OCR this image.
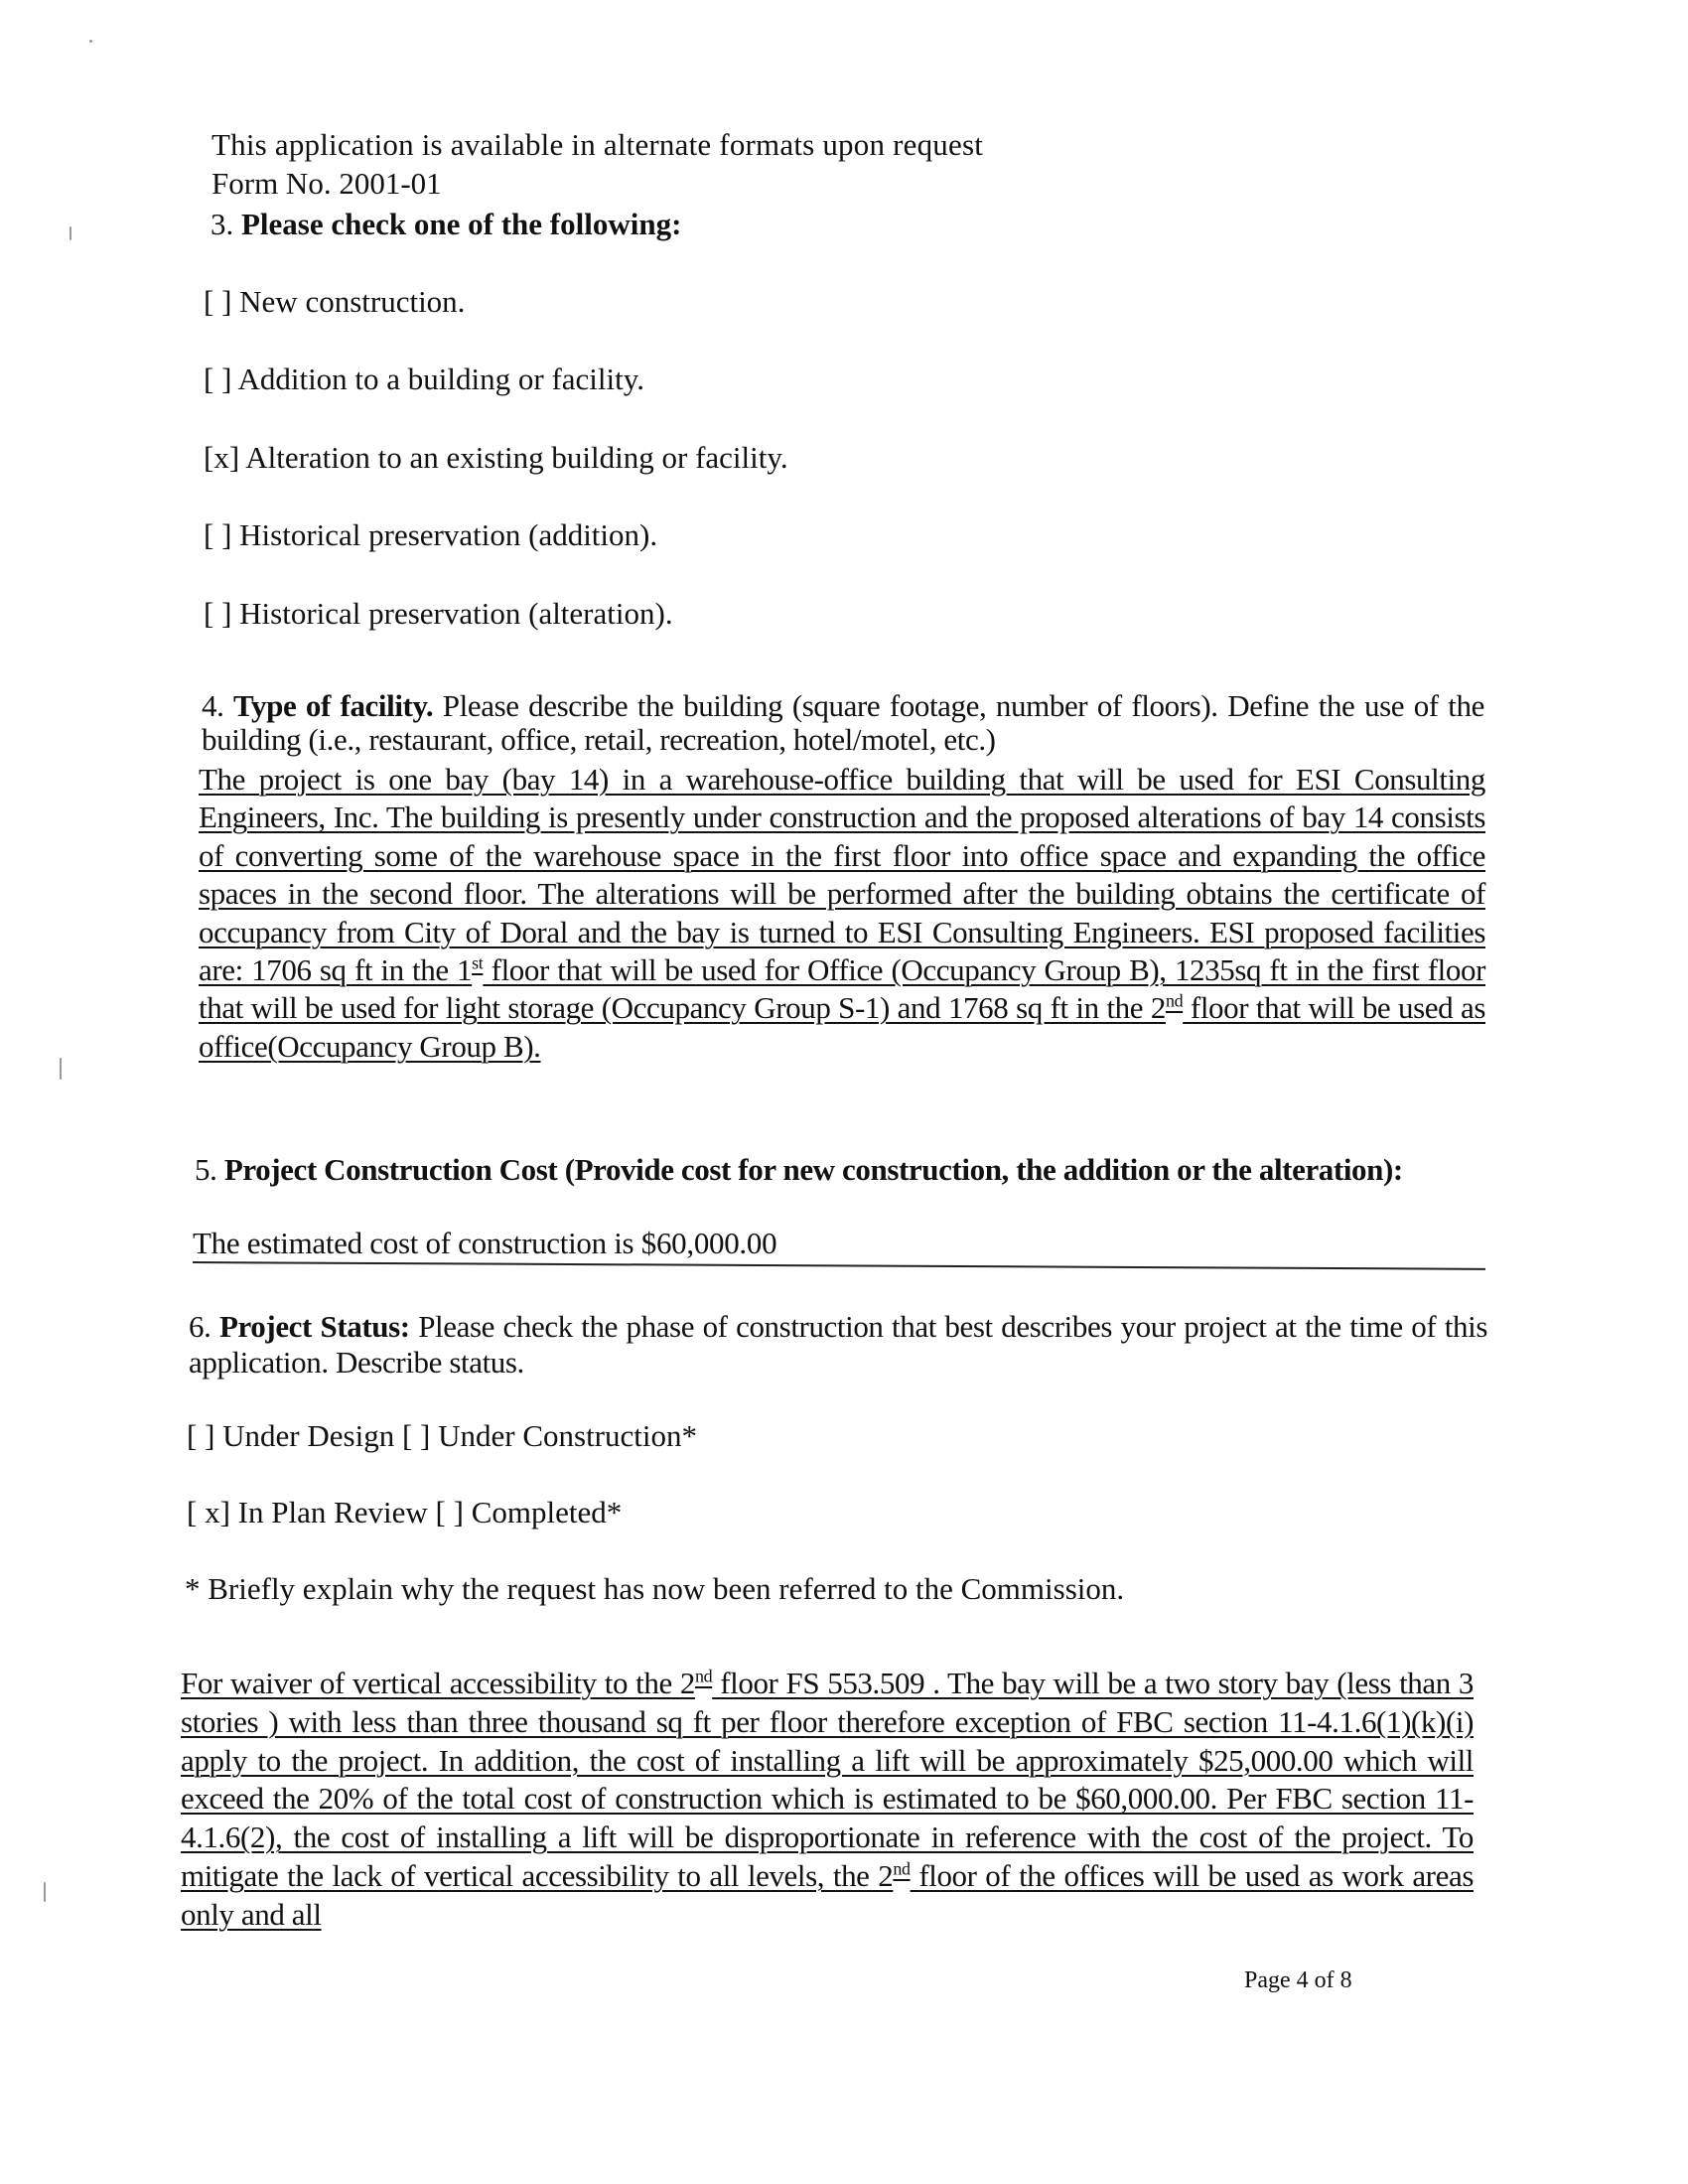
This application is available in alternate formats upon request
Form No. 2001-01
3. Please check one of the following:
[ ] New construction.
[ ] Addition to a building or facility.
[x] Alteration to an existing building or facility.
[ ] Historical preservation (addition).
[ ] Historical preservation (alteration).
4. Type of facility. Please describe the building (square footage, number of floors). Define the use of the building (i.e., restaurant, office, retail, recreation, hotel/motel, etc.)
The project is one bay (bay 14) in a warehouse-office building that will be used for ESI Consulting Engineers, Inc. The building is presently under construction and the proposed alterations of bay 14 consists of converting some of the warehouse space in the first floor into office space and expanding the office spaces in the second floor. The alterations will be performed after the building obtains the certificate of occupancy from City of Doral and the bay is turned to ESI Consulting Engineers. ESI proposed facilities are: 1706 sq ft in the 1st floor that will be used for Office (Occupancy Group B), 1235sq ft in the first floor that will be used for light storage (Occupancy Group S-1) and 1768 sq ft in the 2nd floor that will be used as office(Occupancy Group B).
5. Project Construction Cost (Provide cost for new construction, the addition or the alteration):
The estimated cost of construction is $60,000.00
6. Project Status: Please check the phase of construction that best describes your project at the time of this application. Describe status.
[ ] Under Design [ ] Under Construction*
[ x] In Plan Review [ ] Completed*
* Briefly explain why the request has now been referred to the Commission.
For waiver of vertical accessibility to the 2nd floor FS 553.509 . The bay will be a two story bay (less than 3 stories ) with less than three thousand sq ft per floor therefore exception of FBC section 11-4.1.6(1)(k)(i) apply to the project. In addition, the cost of installing a lift will be approximately $25,000.00 which will exceed the 20% of the total cost of construction which is estimated to be $60,000.00. Per FBC section 11-4.1.6(2), the cost of installing a lift will be disproportionate in reference with the cost of the project. To mitigate the lack of vertical accessibility to all levels, the 2nd floor of the offices will be used as work areas only and all
Page 4 of 8
